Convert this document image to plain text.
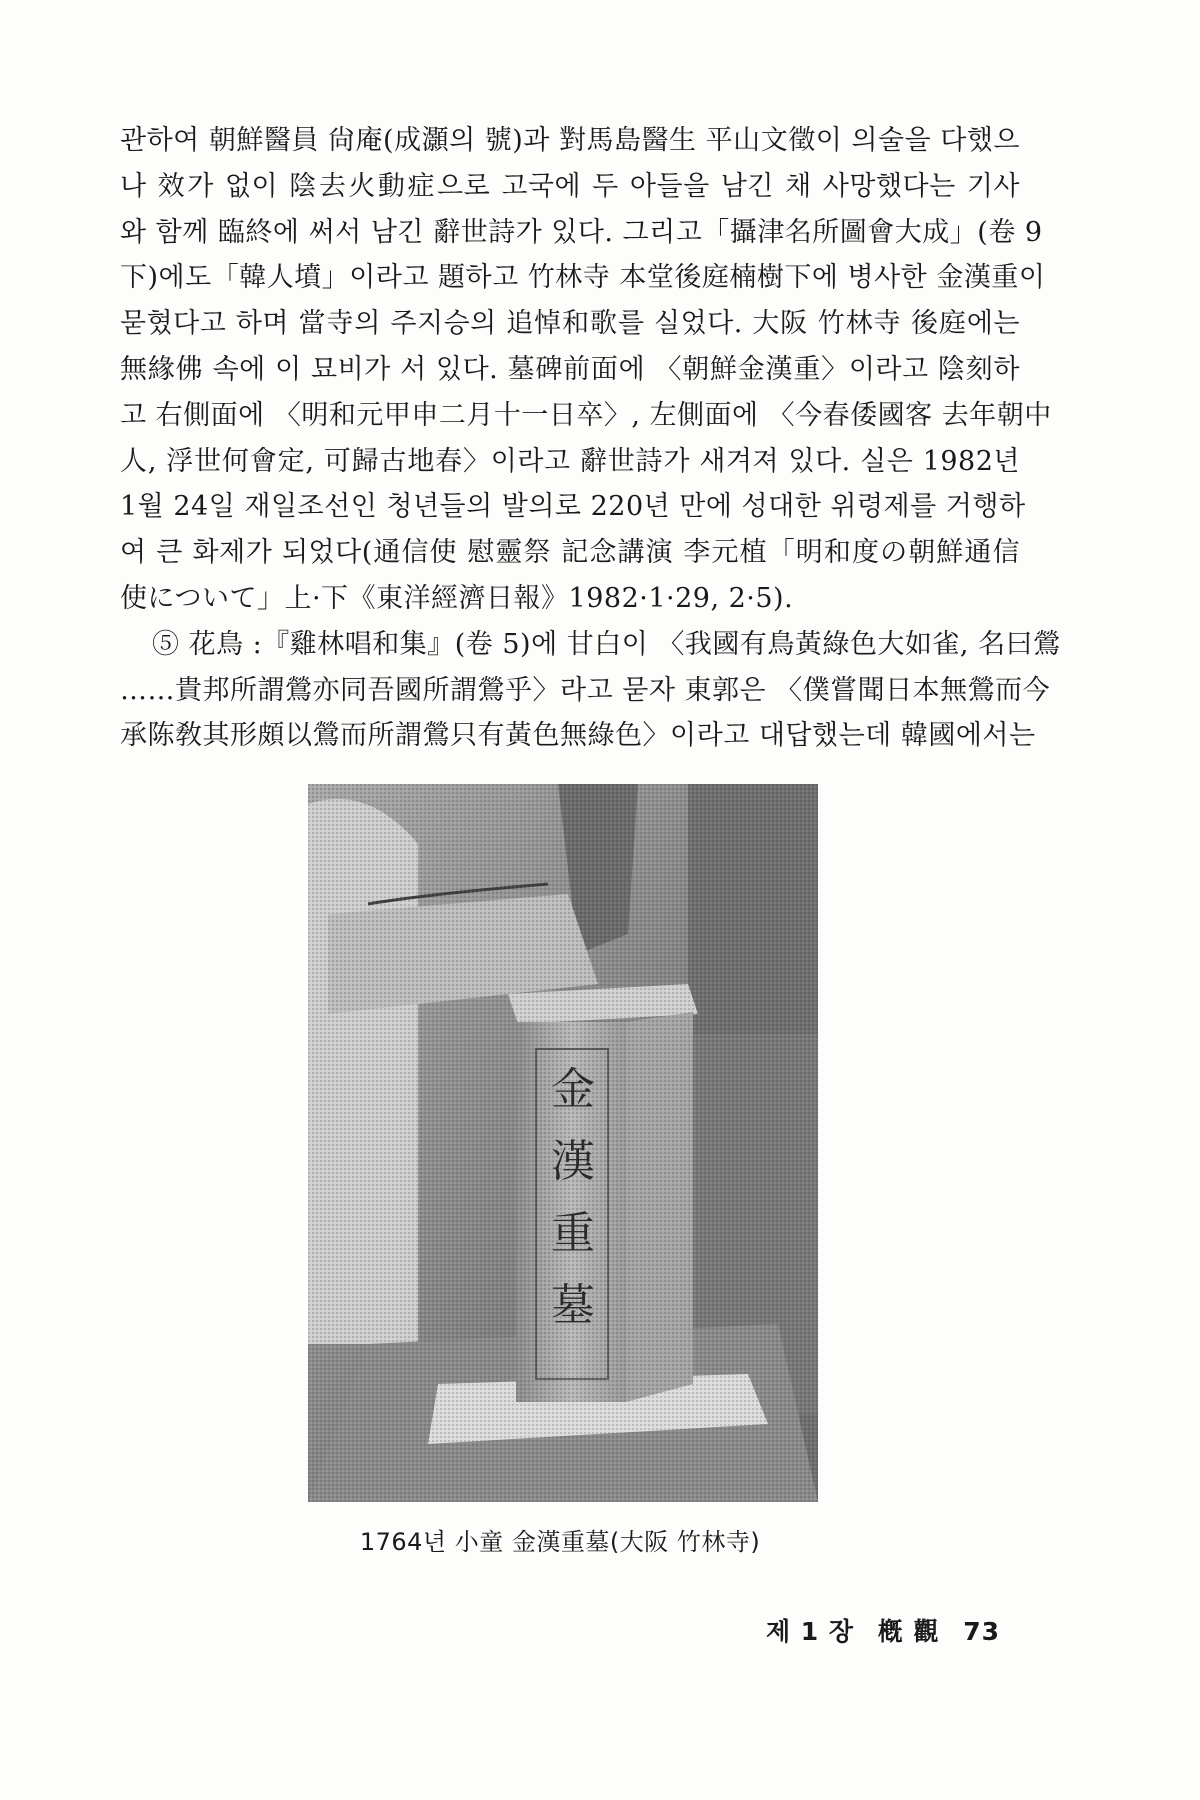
관하여 朝鮮醫員 尙庵(成灝의 號)과 對馬島醫生 平山文徵이 의술을 다했으
나 效가 없이 陰去火動症으로 고국에 두 아들을 남긴 채 사망했다는 기사
와 함께 臨終에 써서 남긴 辭世詩가 있다. 그리고「攝津名所圖會大成」(卷 9
下)에도「韓人墳」이라고 題하고 竹林寺 本堂後庭楠樹下에 병사한 金漢重이
묻혔다고 하며 當寺의 주지승의 追悼和歌를 실었다. 大阪 竹林寺 後庭에는
無緣佛 속에 이 묘비가 서 있다. 墓碑前面에 〈朝鮮金漢重〉이라고 陰刻하
고 右側面에 〈明和元甲申二月十一日卒〉, 左側面에 〈今春倭國客 去年朝中
人, 浮世何會定, 可歸古地春〉이라고 辭世詩가 새겨져 있다. 실은 1982년
1월 24일 재일조선인 청년들의 발의로 220년 만에 성대한 위령제를 거행하
여 큰 화제가 되었다(通信使 慰靈祭 記念講演 李元植「明和度の朝鮮通信
使について」上·下《東洋經濟日報》1982·1·29, 2·5).
⑤ 花鳥 :『雞林唱和集』(卷 5)에 甘白이 〈我國有鳥黃綠色大如雀, 名曰鶯
……貴邦所謂鶯亦同吾國所謂鶯乎〉라고 묻자 東郭은 〈僕嘗聞日本無鶯而今
承陈敎其形頗以鶯而所謂鶯只有黃色無綠色〉이라고 대답했는데 韓國에서는
金漢重墓
1764년 小童 金漢重墓(大阪 竹林寺)
제 1 장 槪 觀 73
